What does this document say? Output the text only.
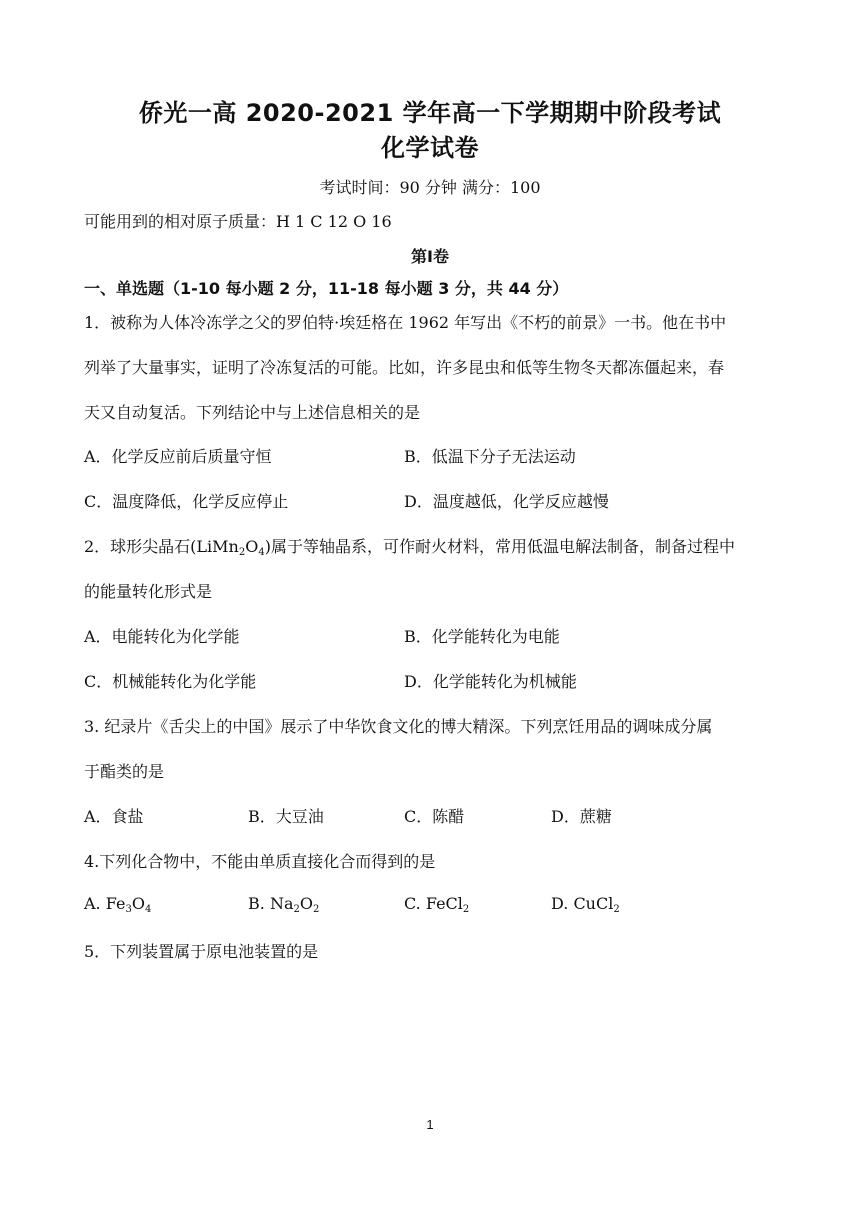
侨光一高 2020-2021 学年高一下学期期中阶段考试
化学试卷
考试时间：90 分钟 满分：100
可能用到的相对原子质量：H 1 C 12 O 16
第Ⅰ卷
一、单选题（1-10 每小题 2 分，11-18 每小题 3 分，共 44 分）
1．被称为人体冷冻学之父的罗伯特·埃廷格在 1962 年写出《不朽的前景》一书。他在书中
列举了大量事实，证明了冷冻复活的可能。比如，许多昆虫和低等生物冬天都冻僵起来，春
天又自动复活。下列结论中与上述信息相关的是
A．化学反应前后质量守恒	B．低温下分子无法运动
C．温度降低，化学反应停止	D．温度越低，化学反应越慢
2．球形尖晶石$(LiMn_2O_4)$属于等轴晶系，可作耐火材料，常用低温电解法制备，制备过程中
的能量转化形式是
A．电能转化为化学能	B．化学能转化为电能
C．机械能转化为化学能	D．化学能转化为机械能
3. 纪录片《舌尖上的中国》展示了中华饮食文化的博大精深。下列烹饪用品的调味成分属
于酯类的是
A．食盐	B．大豆油	C．陈醋	D．蔗糖
4.下列化合物中，不能由单质直接化合而得到的是
A. $Fe_3O_4$	B. $Na_2O_2$	C. FeCl$_2$	D. CuCl$_2$
5．下列装置属于原电池装置的是
1
